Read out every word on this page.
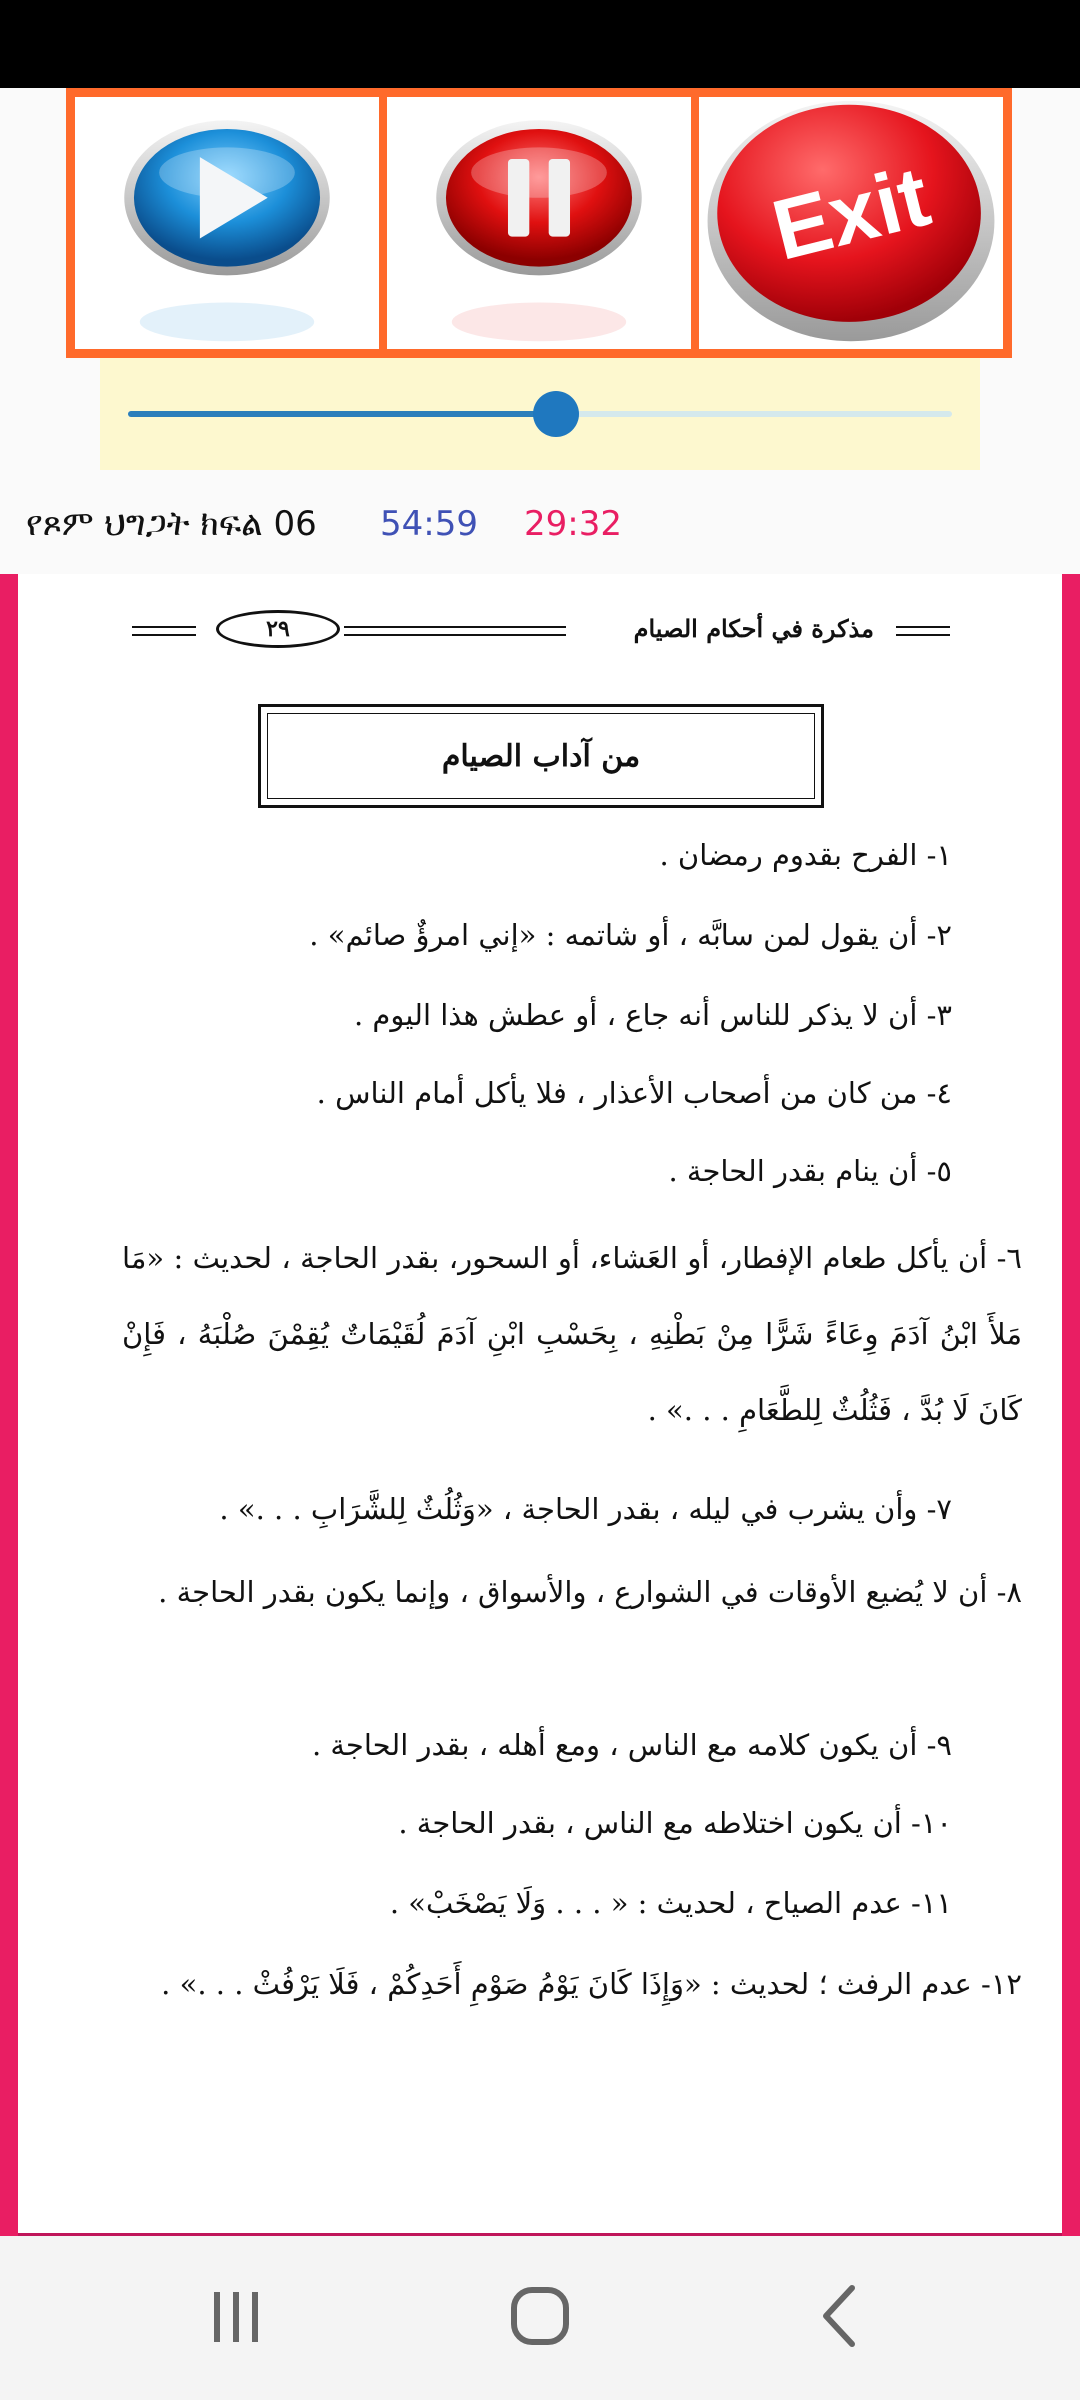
Exit
የጾም ህግጋት ክፍል 06 54:59 29:32
مذكرة في أحكام الصيام
٢٩
من آداب الصيام
١- الفرح بقدوم رمضان .
٢- أن يقول لمن سابَّه ، أو شاتمه : «إني امرؤٌ صائم» .
٣- أن لا يذكر للناس أنه جاع ، أو عطش هذا اليوم .
٤- من كان من أصحاب الأعذار ، فلا يأكل أمام الناس .
٥- أن ينام بقدر الحاجة .
٦- أن يأكل طعام الإفطار، أو العَشاء، أو السحور، بقدر الحاجة ، لحديث : «مَا مَلأَ ابْنُ آدَمَ وِعَاءً شَرًّا مِنْ بَطْنِهِ ، بِحَسْبِ ابْنِ آدَمَ لُقَيْمَاتٌ يُقِمْنَ صُلْبَهُ ، فَإِنْ كَانَ لَا بُدَّ ، فَثُلُثٌ لِلطَّعَامِ . . .» .
٧- وأن يشرب في ليله ، بقدر الحاجة ، «وَثُلُثٌ لِلشَّرَابِ . . .» .
٨- أن لا يُضيع الأوقات في الشوارع ، والأسواق ، وإنما يكون بقدر الحاجة .
٩- أن يكون كلامه مع الناس ، ومع أهله ، بقدر الحاجة .
١٠- أن يكون اختلاطه مع الناس ، بقدر الحاجة .
١١- عدم الصياح ، لحديث : « . . . وَلَا يَصْخَبْ» .
١٢- عدم الرفث ؛ لحديث : «وَإِذَا كَانَ يَوْمُ صَوْمِ أَحَدِكُمْ ، فَلَا يَرْفُثْ . . .» .
